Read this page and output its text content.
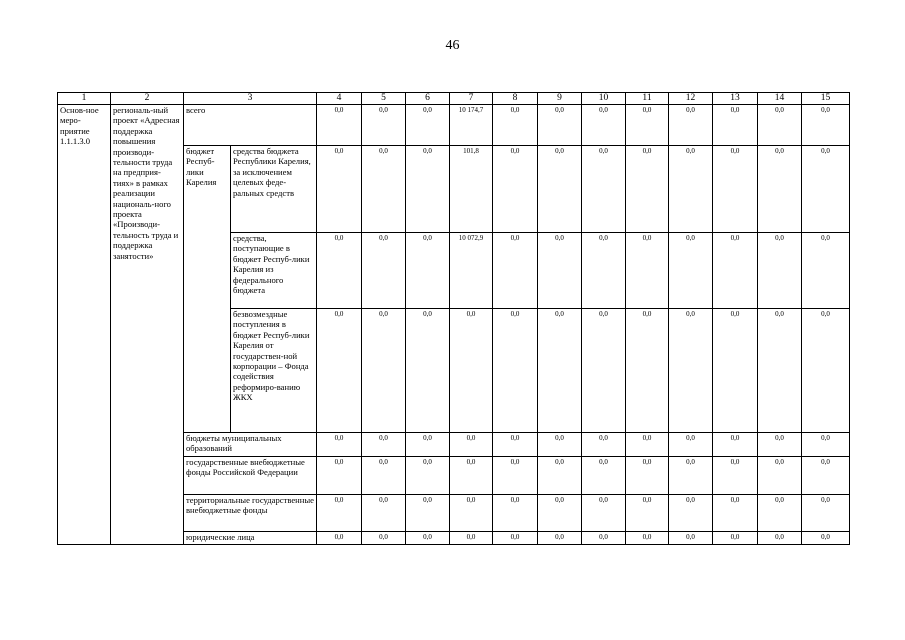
46
1	2	3		4	5	6	7	8	9	10	11	12	13	14	15
Основ-ное меро-приятие 1.1.1.3.0	региональ-ный проект «Адресная поддержка повышения производи-тельности труда на предприя-тиях» в рамках реализации националь-ного проекта «Производи-тельность труда и поддержка занятости»	всего		0,0	0,0	0,0	10 174,7	0,0	0,0	0,0	0,0	0,0	0,0	0,0	0,0
		бюджет Респуб-лики Карелия	средства бюджета Республики Карелия, за исключением целевых феде-ральных средств	0,0	0,0	0,0	101,8	0,0	0,0	0,0	0,0	0,0	0,0	0,0	0,0
			средства, поступающие в бюджет Респуб-лики Карелия из федерального бюджета	0,0	0,0	0,0	10 072,9	0,0	0,0	0,0	0,0	0,0	0,0	0,0	0,0
			безвозмездные поступления в бюджет Респуб-лики Карелия от государствен-ной корпорации – Фонда содействия реформиро-ванию ЖКХ	0,0	0,0	0,0	0,0	0,0	0,0	0,0	0,0	0,0	0,0	0,0	0,0
		бюджеты муниципальных образований		0,0	0,0	0,0	0,0	0,0	0,0	0,0	0,0	0,0	0,0	0,0	0,0
		государственные внебюджетные фонды Российской Федерации		0,0	0,0	0,0	0,0	0,0	0,0	0,0	0,0	0,0	0,0	0,0	0,0
		территориальные государственные внебюджетные фонды		0,0	0,0	0,0	0,0	0,0	0,0	0,0	0,0	0,0	0,0	0,0	0,0
		юридические лица		0,0	0,0	0,0	0,0	0,0	0,0	0,0	0,0	0,0	0,0	0,0	0,0
